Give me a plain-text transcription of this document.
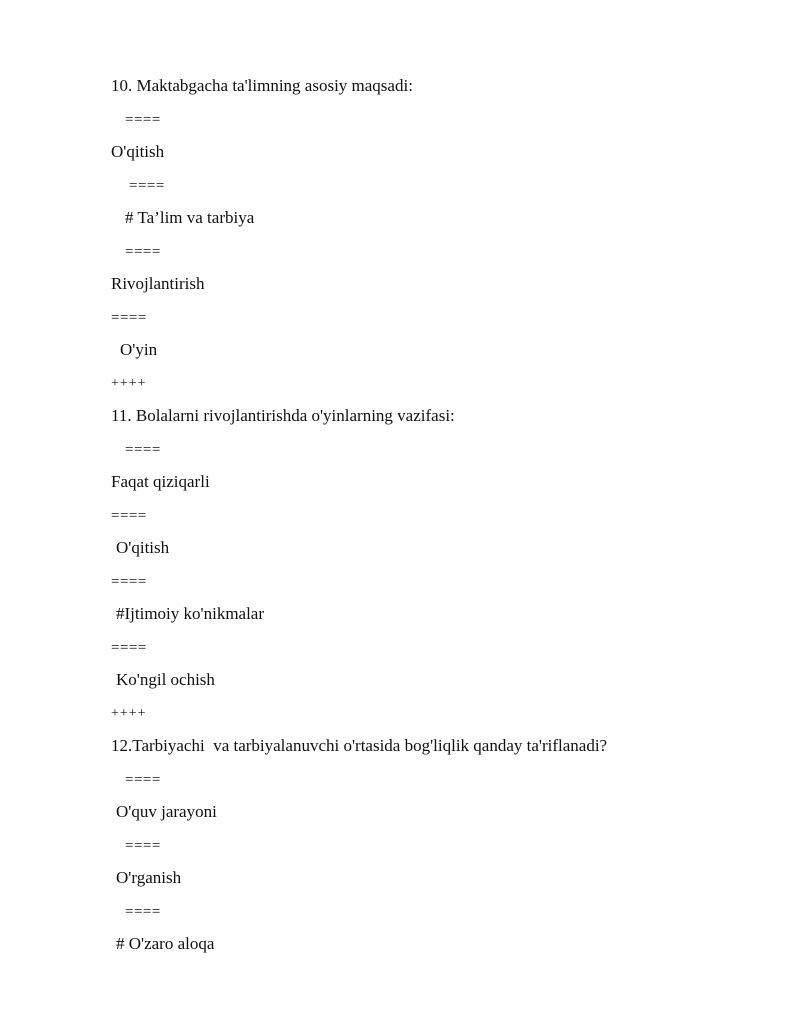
10. Maktabgacha ta'limning asosiy maqsadi:
====
O'qitish
====
# Ta’lim va tarbiya
====
Rivojlantirish
====
O'yin
++++
11. Bolalarni rivojlantirishda o'yinlarning vazifasi:
====
Faqat qiziqarli
====
O'qitish
====
#Ijtimoiy ko'nikmalar
====
Ko'ngil ochish
++++
12.Tarbiyachi  va tarbiyalanuvchi o'rtasida bog'liqlik qanday ta'riflanadi?
====
O'quv jarayoni
====
O'rganish
====
# O'zaro aloqa
